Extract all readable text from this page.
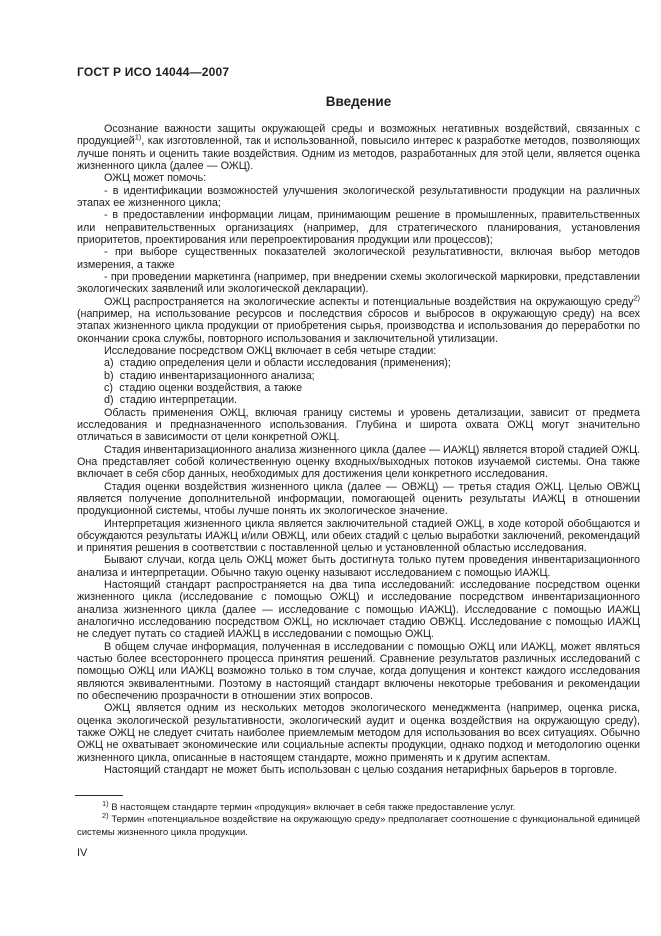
ГОСТ Р ИСО 14044—2007
Введение

Осознание важности защиты окружающей среды и возможных негативных воздействий, связанных с продукцией$^{1)}$, как изготовленной, так и использованной, повысило интерес к разработке методов, позволяющих лучше понять и оценить такие воздействия. Одним из методов, разработанных для этой цели, является оценка жизненного цикла (далее — ОЖЦ).

ОЖЦ может помочь:

- в идентификации возможностей улучшения экологической результативности продукции на различных этапах ее жизненного цикла;

- в предоставлении информации лицам, принимающим решение в промышленных, правительственных или неправительственных организациях (например, для стратегического планирования, установления приоритетов, проектирования или перепроектирования продукции или процессов);

- при выборе существенных показателей экологической результативности, включая выбор методов измерения, а также

- при проведении маркетинга (например, при внедрении схемы экологической маркировки, представлении экологических заявлений или экологической декларации).

ОЖЦ распространяется на экологические аспекты и потенциальные воздействия на окружающую среду$^{2)}$ (например, на использование ресурсов и последствия сбросов и выбросов в окружающую среду) на всех этапах жизненного цикла продукции от приобретения сырья, производства и использования до переработки по окончании срока службы, повторного использования и заключительной утилизации.

Исследование посредством ОЖЦ включает в себя четыре стадии:

a)  стадию определения цели и области исследования (применения);

b)  стадию инвентаризационного анализа;

c)  стадию оценки воздействия, а также

d)  стадию интерпретации.

Область применения ОЖЦ, включая границу системы и уровень детализации, зависит от предмета исследования и предназначенного использования. Глубина и широта охвата ОЖЦ могут значительно отличаться в зависимости от цели конкретной ОЖЦ.

Стадия инвентаризационного анализа жизненного цикла (далее — ИАЖЦ) является второй стадией ОЖЦ. Она представляет собой количественную оценку входных/выходных потоков изучаемой системы. Она также включает в себя сбор данных, необходимых для достижения цели конкретного исследования.

Стадия оценки воздействия жизненного цикла (далее — ОВЖЦ) — третья стадия ОЖЦ. Целью ОВЖЦ является получение дополнительной информации, помогающей оценить результаты ИАЖЦ в отношении продукционной системы, чтобы лучше понять их экологическое значение.

Интерпретация жизненного цикла является заключительной стадией ОЖЦ, в ходе которой обобщаются и обсуждаются результаты ИАЖЦ и/или ОВЖЦ, или обеих стадий с целью выработки заключений, рекомендаций и принятия решения в соответствии с поставленной целью и установленной областью исследования.

Бывают случаи, когда цель ОЖЦ может быть достигнута только путем проведения инвентаризационного анализа и интерпретации. Обычно такую оценку называют исследованием с помощью ИАЖЦ.

Настоящий стандарт распространяется на два типа исследований: исследование посредством оценки жизненного цикла (исследование с помощью ОЖЦ) и исследование посредством инвентаризационного анализа жизненного цикла (далее — исследование с помощью ИАЖЦ). Исследование с помощью ИАЖЦ аналогично исследованию посредством ОЖЦ, но исключает стадию ОВЖЦ. Исследование с помощью ИАЖЦ не следует путать со стадией ИАЖЦ в исследовании с помощью ОЖЦ.

В общем случае информация, полученная в исследовании с помощью ОЖЦ или ИАЖЦ, может являться частью более всестороннего процесса принятия решений. Сравнение результатов различных исследований с помощью ОЖЦ или ИАЖЦ возможно только в том случае, когда допущения и контекст каждого исследования являются эквивалентными. Поэтому в настоящий стандарт включены некоторые требования и рекомендации по обеспечению прозрачности в отношении этих вопросов.

ОЖЦ является одним из нескольких методов экологического менеджмента (например, оценка риска, оценка экологической результативности, экологический аудит и оценка воздействия на окружающую среду), также ОЖЦ не следует считать наиболее приемлемым методом для использования во всех ситуациях. Обычно ОЖЦ не охватывает экономические или социальные аспекты продукции, однако подход и методологию оценки жизненного цикла, описанные в настоящем стандарте, можно применять и к другим аспектам.

Настоящий стандарт не может быть использован с целью создания нетарифных барьеров в торговле.

$^{1)}$ В настоящем стандарте термин «продукция» включает в себя также предоставление услуг.

$^{2)}$ Термин «потенциальное воздействие на окружающую среду» предполагает соотношение с функциональной единицей системы жизненного цикла продукции.

IV
